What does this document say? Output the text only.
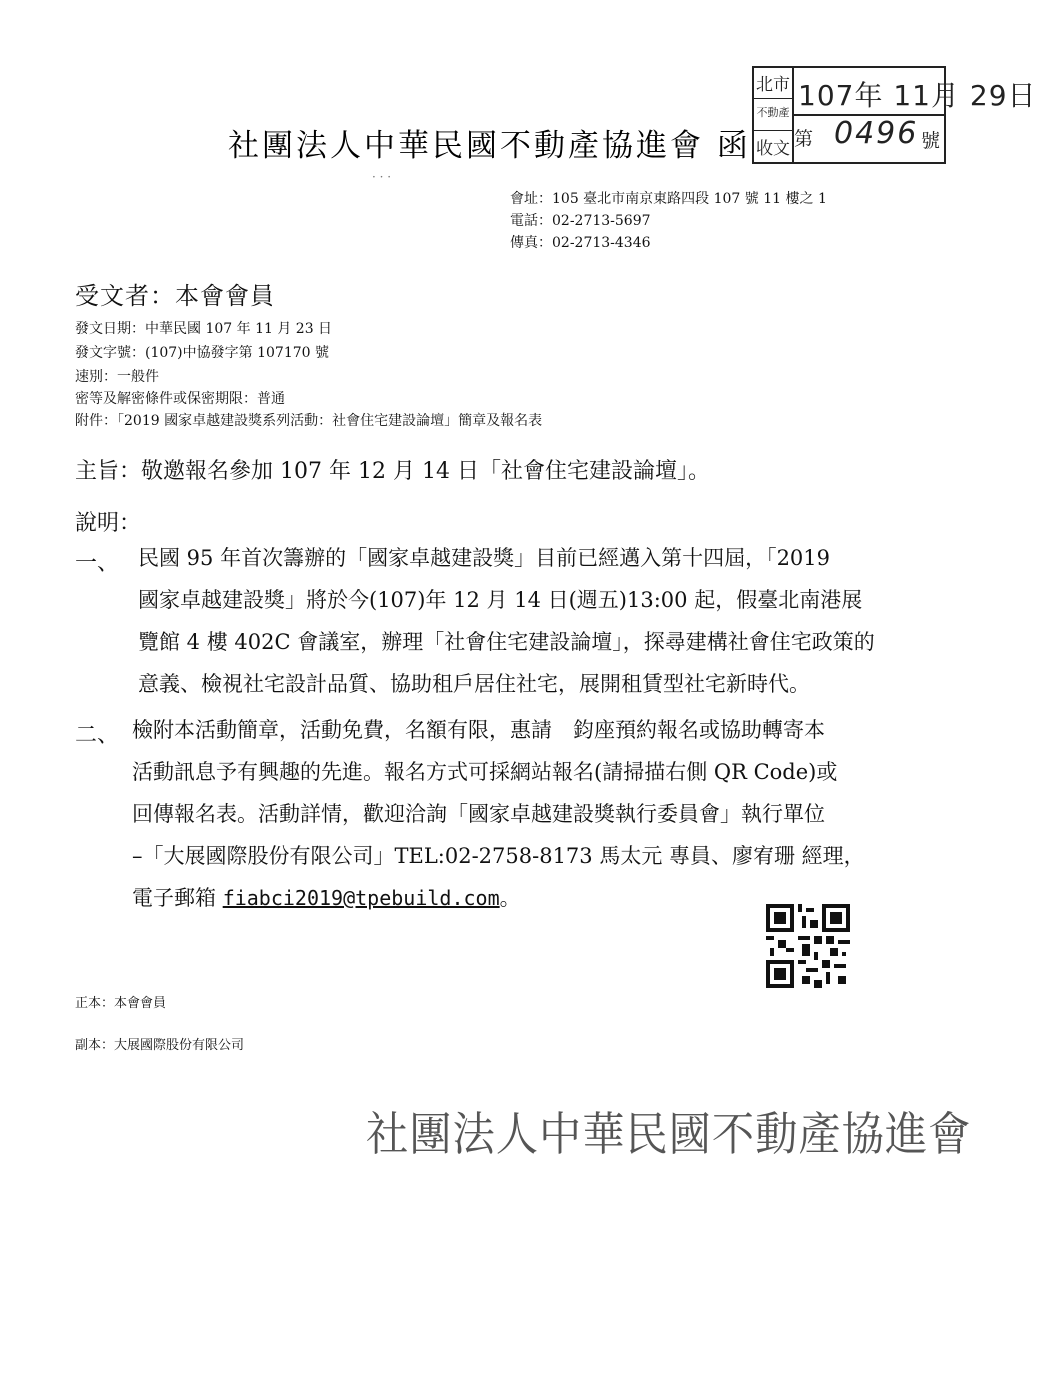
社團法人中華民國不動產協進會 函
北市
不動產
收文
107年 11月 29日
第 0496 號
· · ·
會址：105 臺北市南京東路四段 107 號 11 樓之 1
電話：02-2713-5697
傳真：02-2713-4346
受文者：本會會員
發文日期：中華民國 107 年 11 月 23 日
發文字號：(107)中協發字第 107170 號
速別：一般件
密等及解密條件或保密期限：普通
附件：「2019 國家卓越建設獎系列活動：社會住宅建設論壇」簡章及報名表
主旨：敬邀報名參加 107 年 12 月 14 日「社會住宅建設論壇」。
說明：
一、 民國 95 年首次籌辦的「國家卓越建設獎」目前已經邁入第十四屆，「2019
國家卓越建設獎」將於今(107)年 12 月 14 日(週五)13:00 起，假臺北南港展
覽館 4 樓 402C 會議室，辦理「社會住宅建設論壇」，探尋建構社會住宅政策的
意義、檢視社宅設計品質、協助租戶居住社宅，展開租賃型社宅新時代。
二、 檢附本活動簡章，活動免費，名額有限，惠請　鈞座預約報名或協助轉寄本
活動訊息予有興趣的先進。報名方式可採網站報名(請掃描右側 QR Code)或
回傳報名表。活動詳情，歡迎洽詢「國家卓越建設獎執行委員會」執行單位
–「大展國際股份有限公司」TEL:02-2758-8173 馬太元 專員、廖宥珊 經理，
電子郵箱 fiabci2019@tpebuild.com。
正本：本會會員
副本：大展國際股份有限公司
社團法人中華民國不動產協進會
